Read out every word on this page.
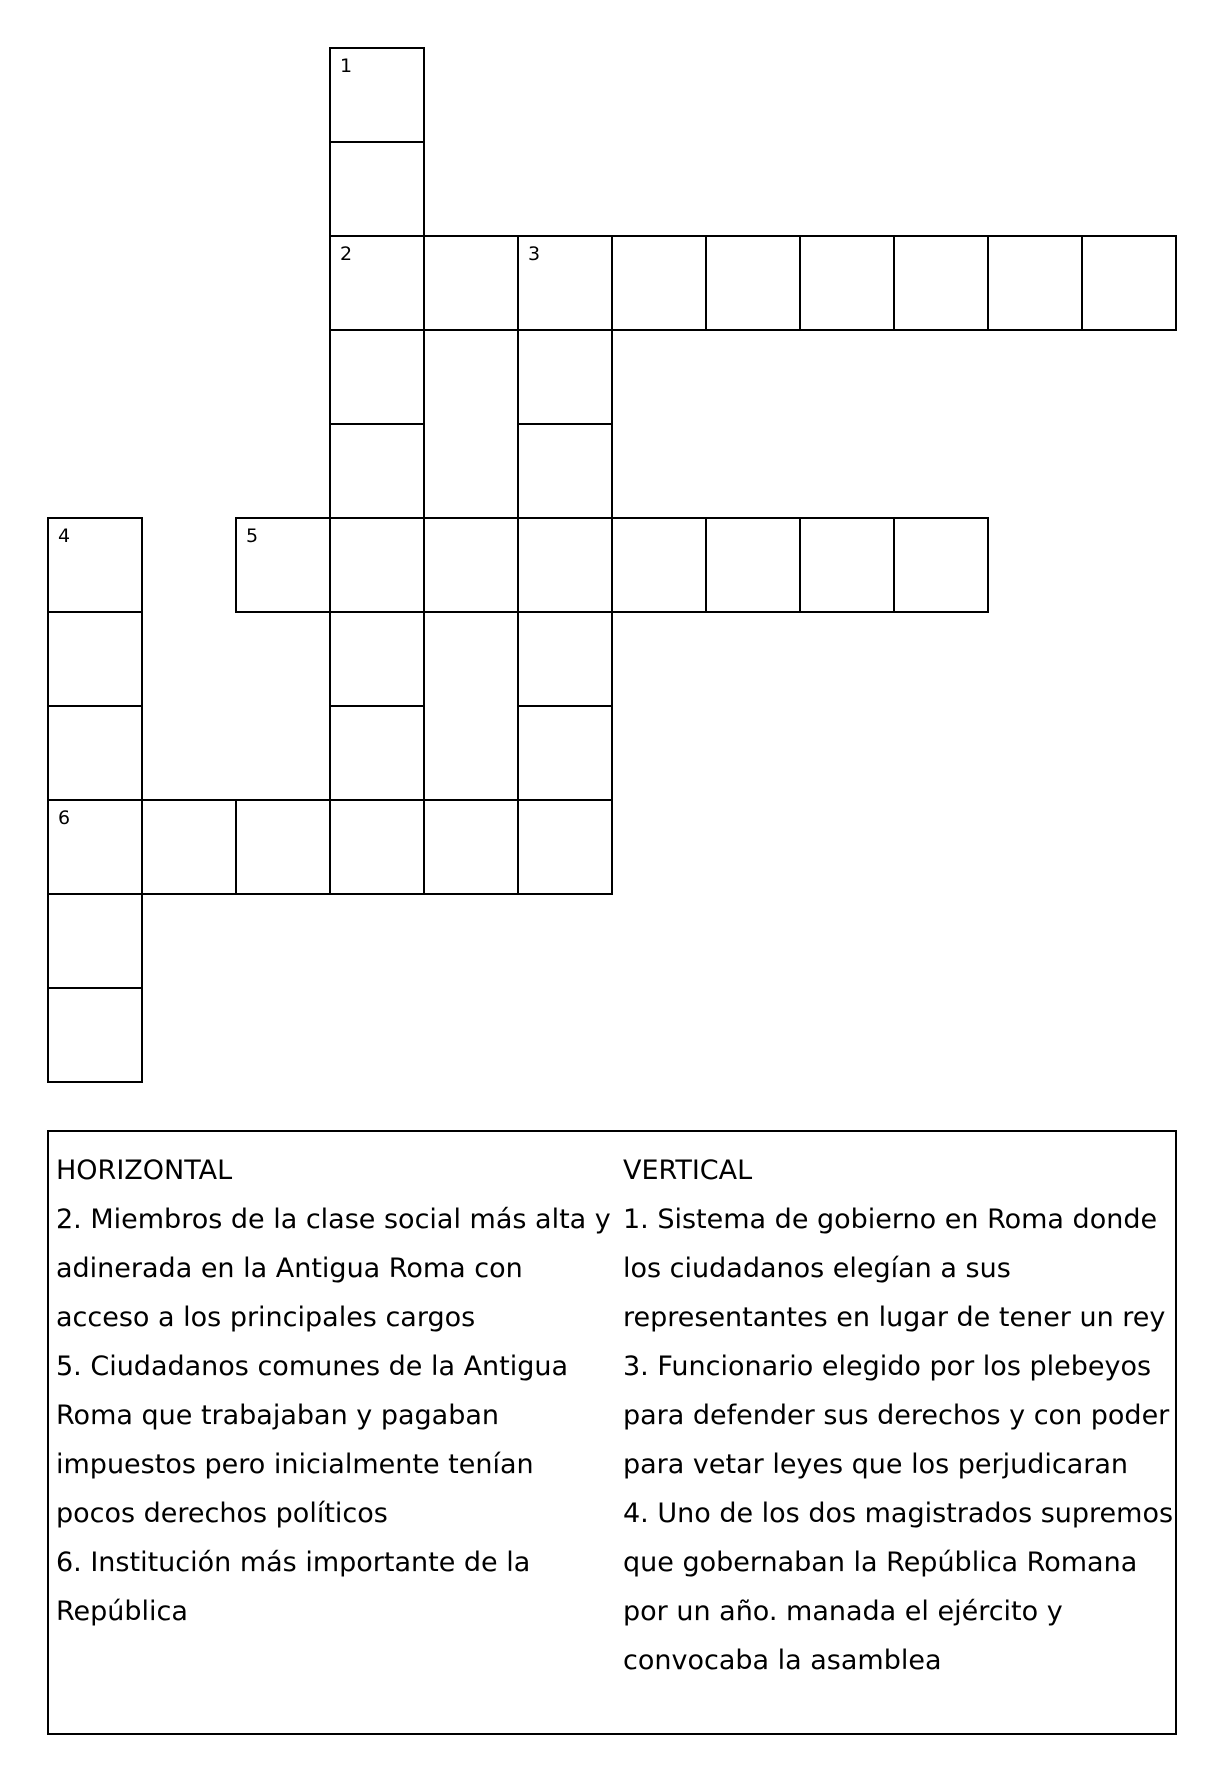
1
2	3
4	5
6
HORIZONTAL
2. Miembros de la clase social más alta y
adinerada en la Antigua Roma con
acceso a los principales cargos
5. Ciudadanos comunes de la Antigua
Roma que trabajaban y pagaban
impuestos pero inicialmente tenían
pocos derechos políticos
6. Institución más importante de la
República
VERTICAL
1. Sistema de gobierno en Roma donde
los ciudadanos elegían a sus
representantes en lugar de tener un rey
3. Funcionario elegido por los plebeyos
para defender sus derechos y con poder
para vetar leyes que los perjudicaran
4. Uno de los dos magistrados supremos
que gobernaban la República Romana
por un año. manada el ejército y
convocaba la asamblea
